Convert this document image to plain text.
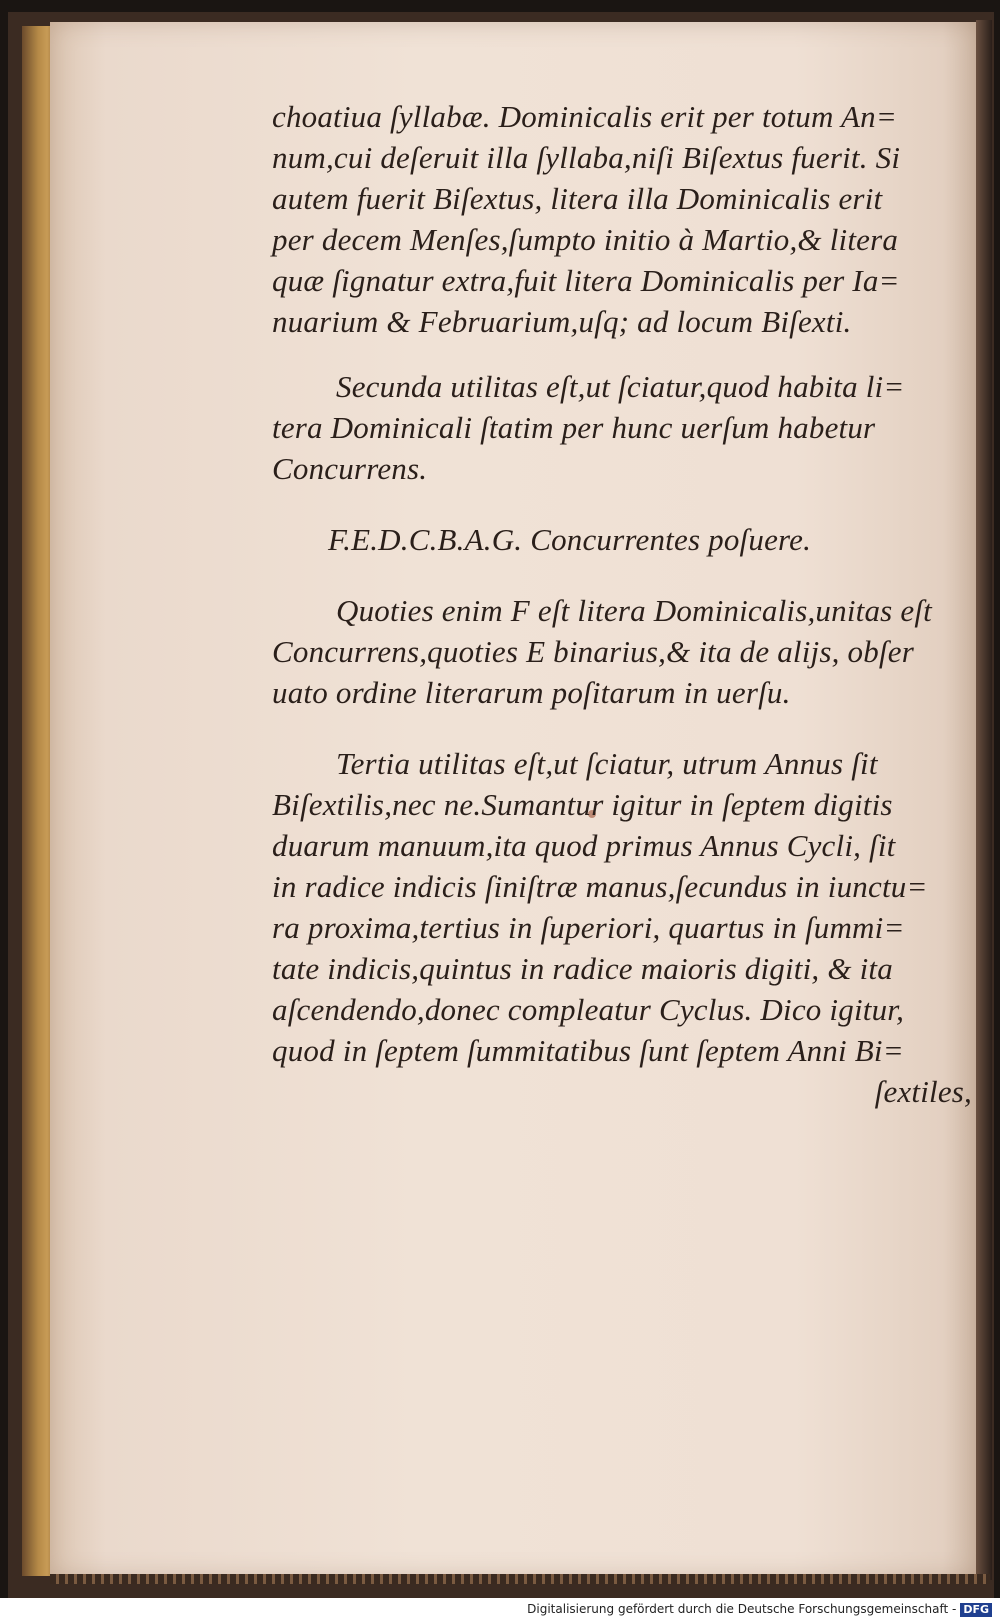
choatiua ſyllabæ. Dominicalis erit per totum An=
num,cui deſeruit illa ſyllaba,niſi Biſextus fuerit. Si
autem fuerit Biſextus, litera illa Dominicalis erit
per decem Menſes,ſumpto initio à Martio,& litera
quæ ſignatur extra,fuit litera Dominicalis per Ia=
nuarium & Februarium,uſq; ad locum Biſexti.
Secunda utilitas eſt,ut ſciatur,quod habita li=
tera Dominicali ſtatim per hunc uerſum habetur
Concurrens.
F.E.D.C.B.A.G. Concurrentes poſuere.
Quoties enim F eſt litera Dominicalis,unitas eſt
Concurrens,quoties E binarius,& ita de alijs, obſer
uato ordine literarum poſitarum in uerſu.
Tertia utilitas eſt,ut ſciatur, utrum Annus ſit
Biſextilis,nec ne.Sumantur igitur in ſeptem digitis
duarum manuum,ita quod primus Annus Cycli, ſit
in radice indicis ſiniſtræ manus,ſecundus in iunctu=
ra proxima,tertius in ſuperiori, quartus in ſummi=
tate indicis,quintus in radice maioris digiti, & ita
aſcendendo,donec compleatur Cyclus. Dico igitur,
quod in ſeptem ſummitatibus ſunt ſeptem Anni Bi=
ſextiles,
Digitalisierung gefördert durch die Deutsche Forschungsgemeinschaft - DFG
